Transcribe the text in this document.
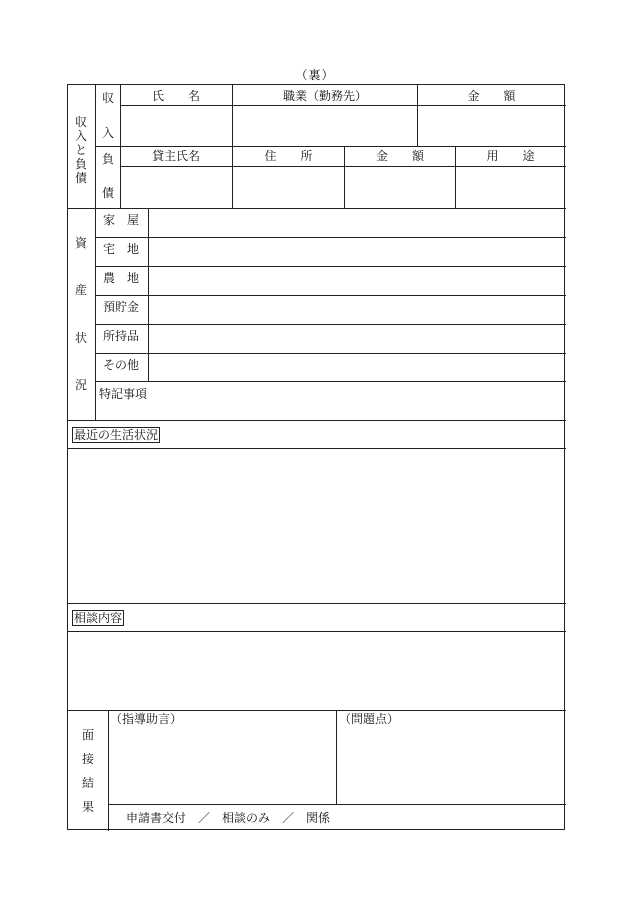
（裏）
収
入
と
負
債
収
入
氏　　名	職業（勤務先）	金　　額
負
債
貸主氏名	住　　所	金　　額	用　　途
資
産
状
況
家　屋
宅　地
農　地
預貯金
所持品
その他
特記事項
最近の生活状況
相談内容
面
接
結
果
（指導助言）	（問題点）
申請書交付　／　相談のみ　／　関係
